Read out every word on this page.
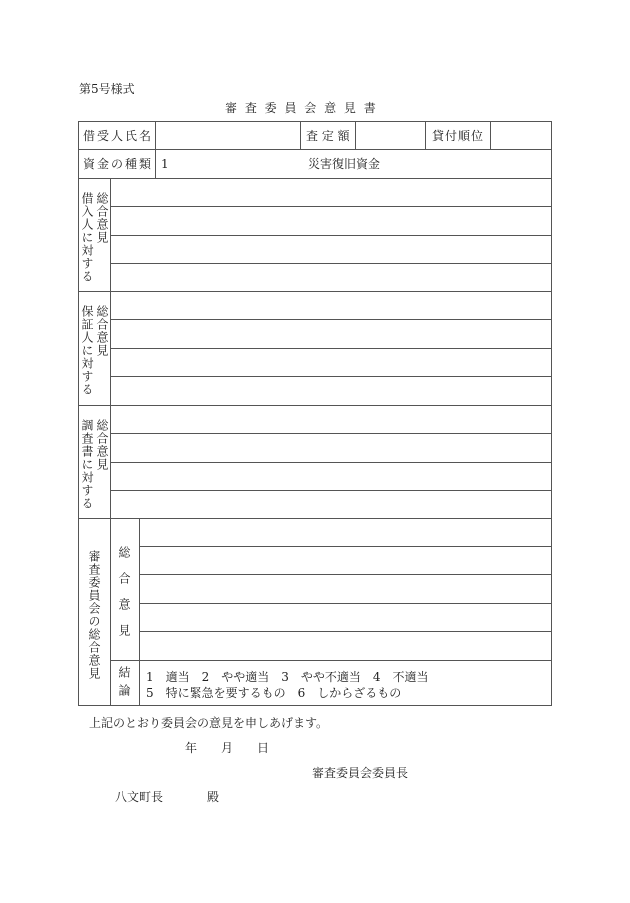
第5号様式
審 査 委 員 会 意 見 書
借受人氏名	査 定 額	貸付順位
資金の種類 1	災害復旧資金
借入人に対する 総合意見
保証人に対する 総合意見
調査書に対する 総合意見
審査委員会の総合意見 総合意見
結論 1　適当　2　やや適当　3　やや不適当　4　不適当
5　特に緊急を要するもの　6　しからざるもの
上記のとおり委員会の意見を申しあげます。
年　　月　　日
審査委員会委員長
八文町長	殿
